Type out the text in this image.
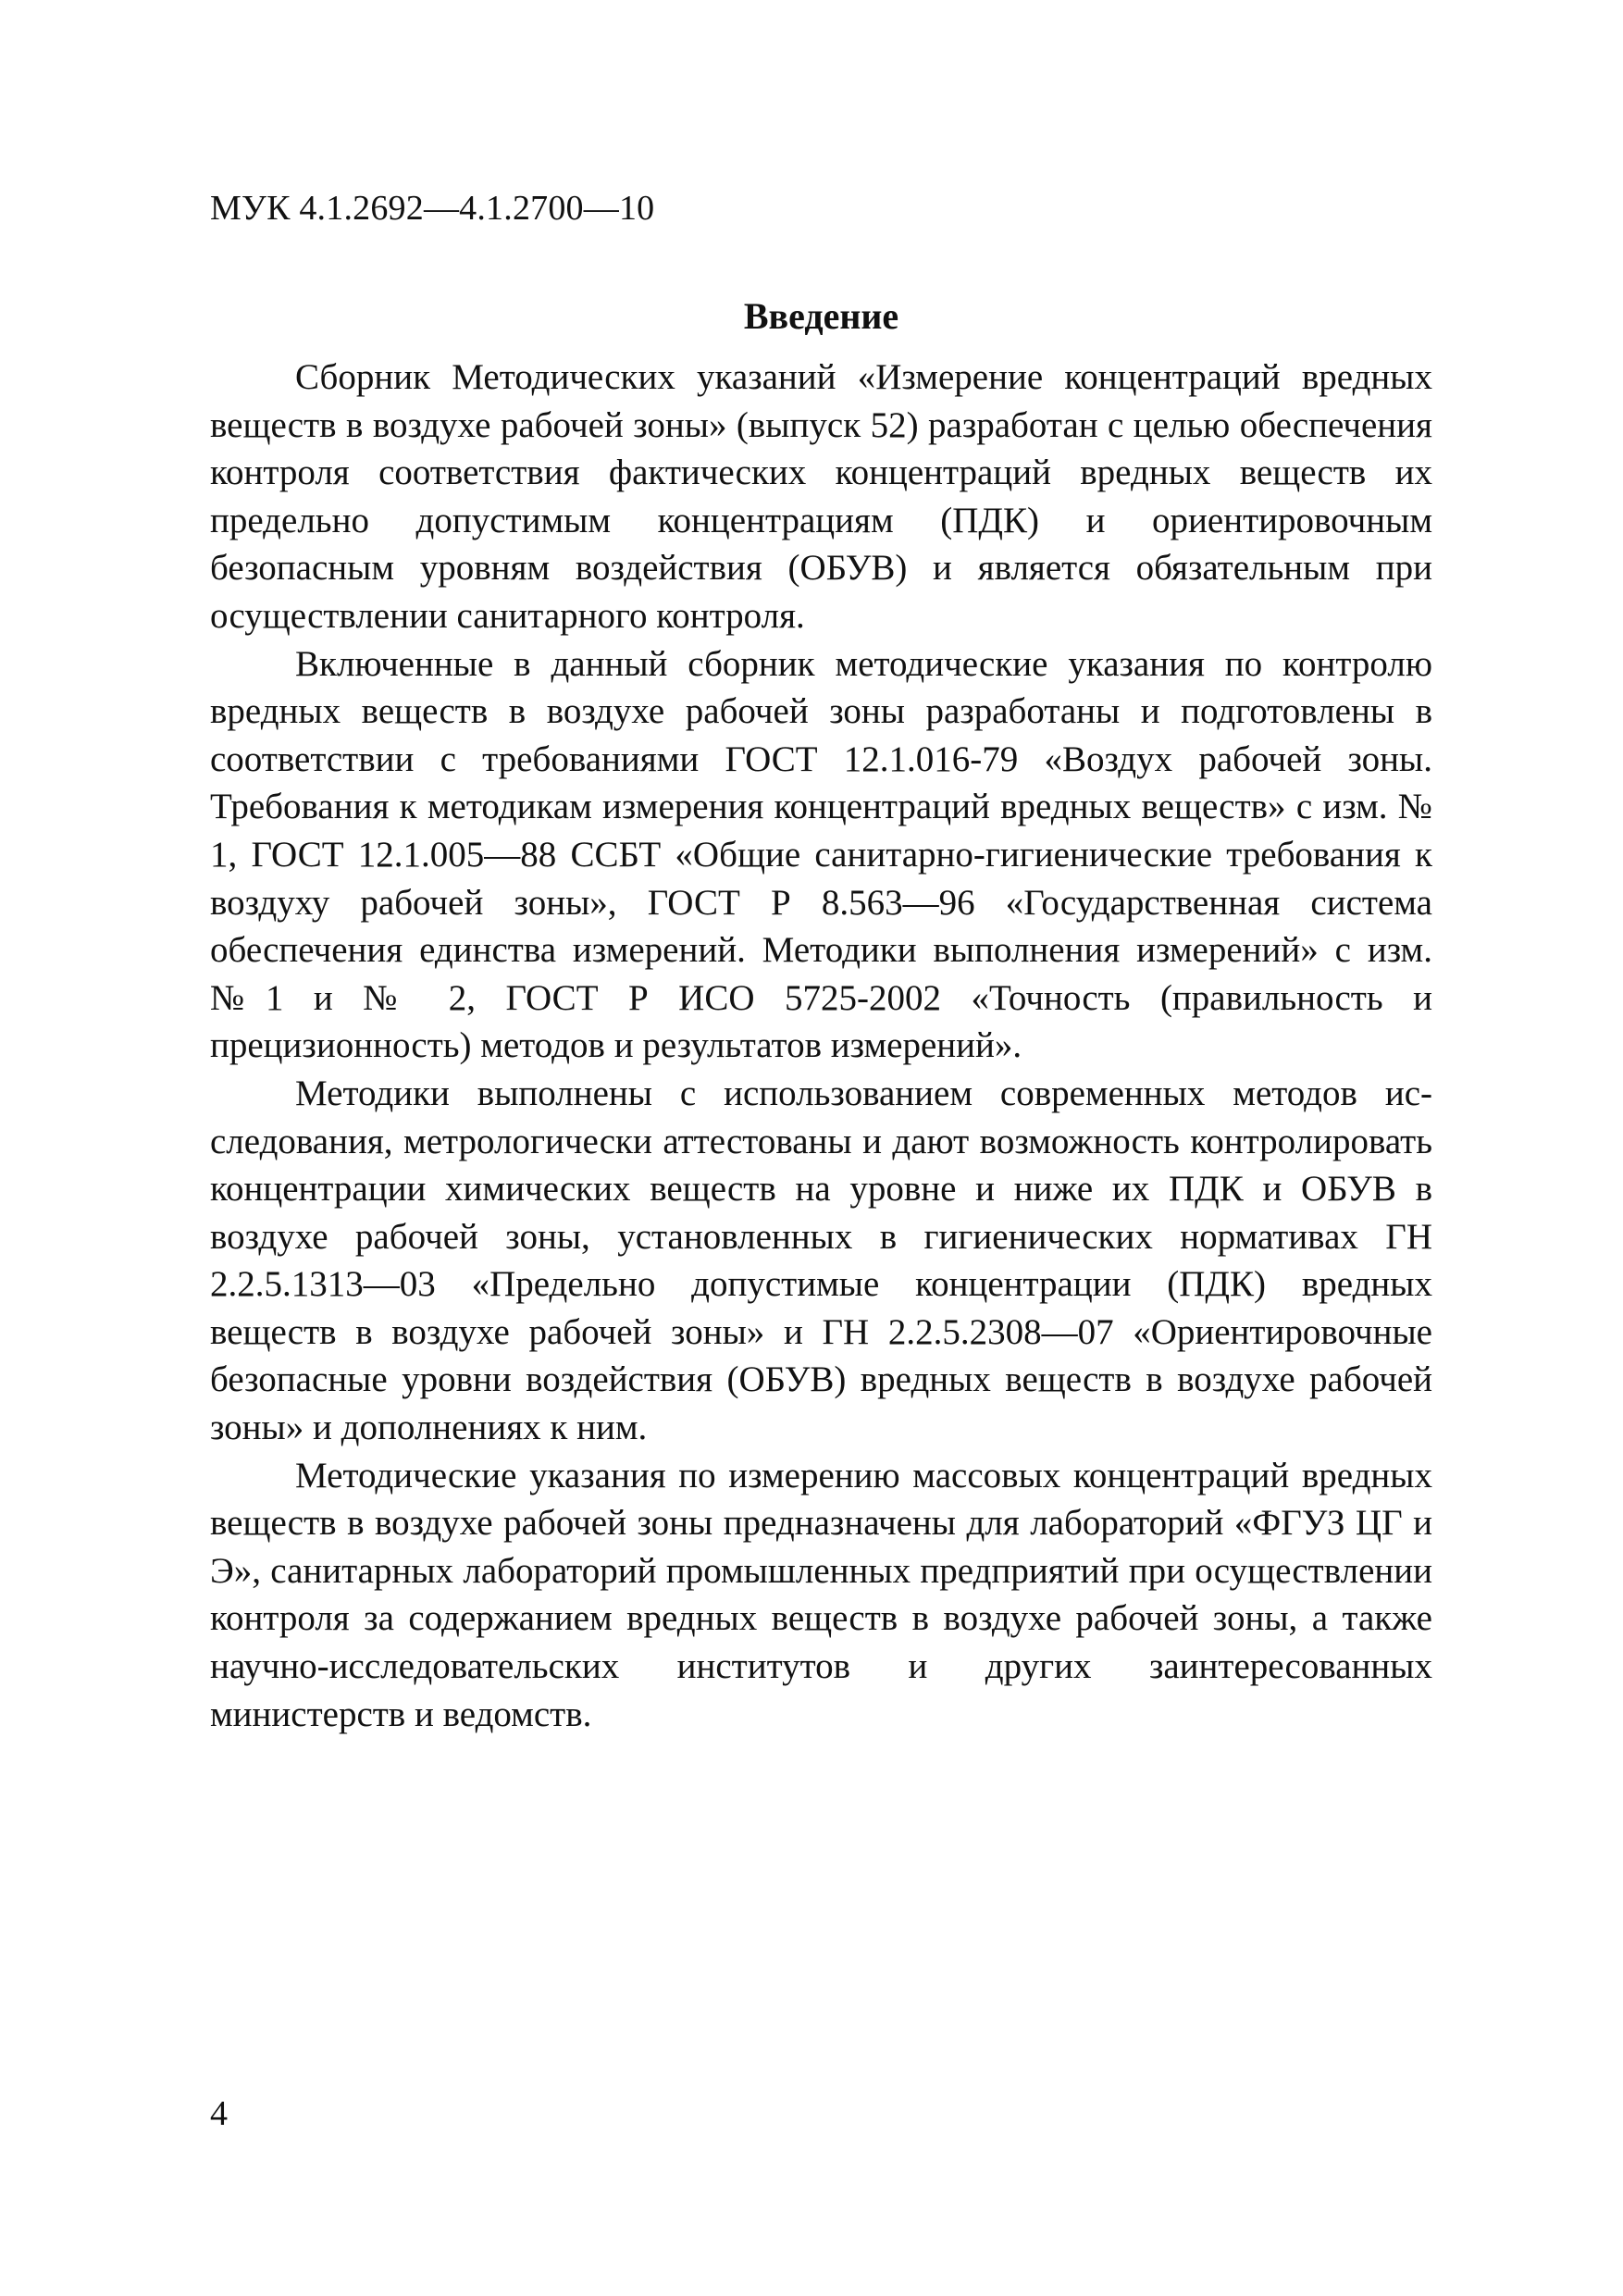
МУК 4.1.2692—4.1.2700—10
Введение

Сборник Методических указаний «Измерение концентраций вредных веществ в воздухе рабочей зоны» (выпуск 52) разработан с целью обеспечения контроля соответствия фактических концентраций вредных веществ их предельно допустимым концентрациям (ПДК) и ориентировочным безопасным уровням воздействия (ОБУВ) и является обязательным при осуществлении санитарного контроля.

Включенные в данный сборник методические указания по контролю вредных веществ в воздухе рабочей зоны разработаны и подготовлены в соответствии с требованиями ГОСТ 12.1.016-79 «Воздух рабочей зоны. Требования к методикам измерения концентраций вредных веществ» с изм. № 1, ГОСТ 12.1.005—88 ССБТ «Общие санитарно-гигиенические требования к воздуху рабочей зоны», ГОСТ Р 8.563—96 «Государственная система обеспечения единства измерений. Методики выполнения измерений» с изм. №1 и № 2, ГОСТ Р ИСО 5725-2002 «Точность (правильность и прецизионность) методов и результатов измерений».

Методики выполнены с использованием современных методов исследования, метрологически аттестованы и дают возможность контролировать концентрации химических веществ на уровне и ниже их ПДК и ОБУВ в воздухе рабочей зоны, установленных в гигиенических нормативах ГН 2.2.5.1313—03 «Предельно допустимые концентрации (ПДК) вредных веществ в воздухе рабочей зоны» и ГН 2.2.5.2308—07 «Ориентировочные безопасные уровни воздействия (ОБУВ) вредных веществ в воздухе рабочей зоны» и дополнениях к ним.

Методические указания по измерению массовых концентраций вредных веществ в воздухе рабочей зоны предназначены для лабораторий «ФГУЗ ЦГ и Э», санитарных лабораторий промышленных предприятий при осуществлении контроля за содержанием вредных веществ в воздухе рабочей зоны, а также научно-исследовательских институтов и других заинтересованных министерств и ведомств.

4
